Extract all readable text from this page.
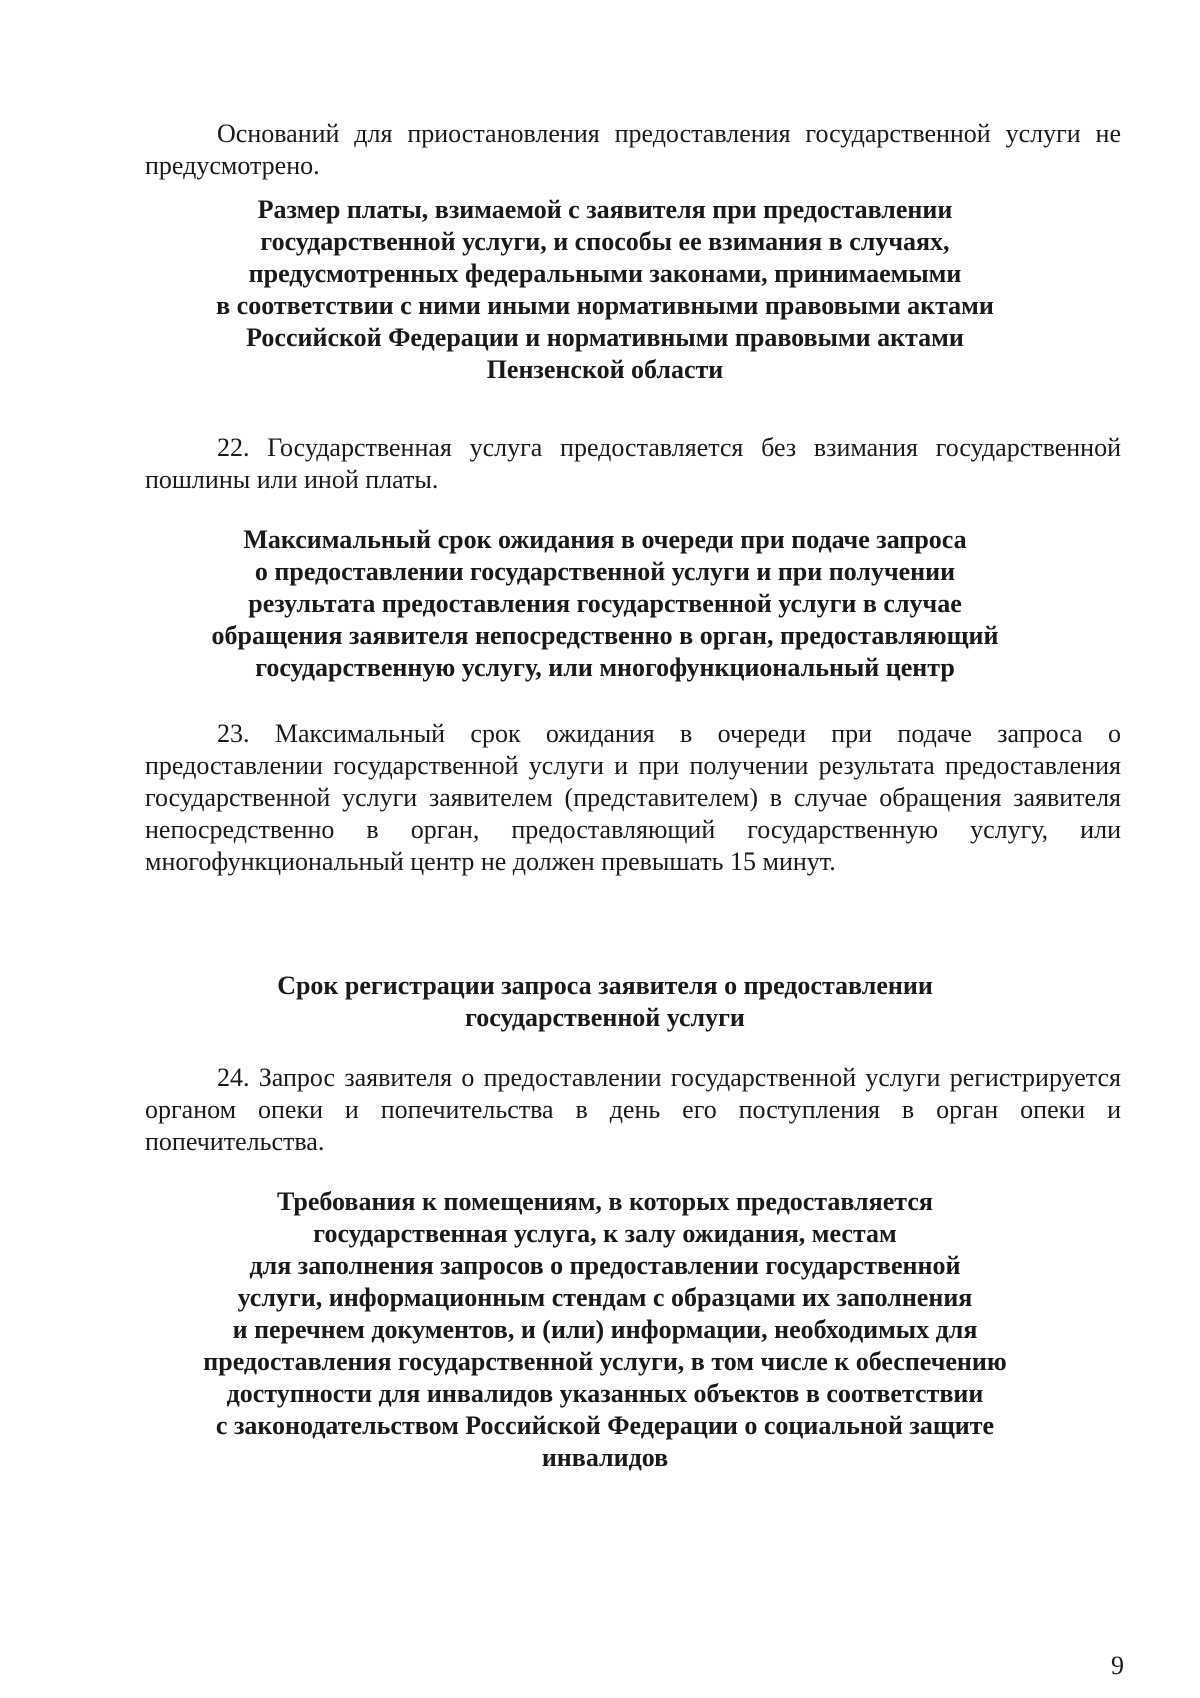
Оснований для приостановления предоставления государственной услуги не предусмотрено.

Размер платы, взимаемой с заявителя при предоставлении
государственной услуги, и способы ее взимания в случаях,
предусмотренных федеральными законами, принимаемыми
в соответствии с ними иными нормативными правовыми актами
Российской Федерации и нормативными правовыми актами
Пензенской области

22. Государственная услуга предоставляется без взимания государственной пошлины или иной платы.

Максимальный срок ожидания в очереди при подаче запроса
о предоставлении государственной услуги и при получении
результата предоставления государственной услуги в случае
обращения заявителя непосредственно в орган, предоставляющий
государственную услугу, или многофункциональный центр

23. Максимальный срок ожидания в очереди при подаче запроса о предоставлении государственной услуги и при получении результата предоставления государственной услуги заявителем (представителем) в случае обращения заявителя непосредственно в орган, предоставляющий государственную услугу, или многофункциональный центр не должен превышать 15 минут.

Срок регистрации запроса заявителя о предоставлении
государственной услуги

24. Запрос заявителя о предоставлении государственной услуги регистрируется органом опеки и попечительства в день его поступления в орган опеки и попечительства.

Требования к помещениям, в которых предоставляется
государственная услуга, к залу ожидания, местам
для заполнения запросов о предоставлении государственной
услуги, информационным стендам с образцами их заполнения
и перечнем документов, и (или) информации, необходимых для
предоставления государственной услуги, в том числе к обеспечению
доступности для инвалидов указанных объектов в соответствии
с законодательством Российской Федерации о социальной защите
инвалидов
9
